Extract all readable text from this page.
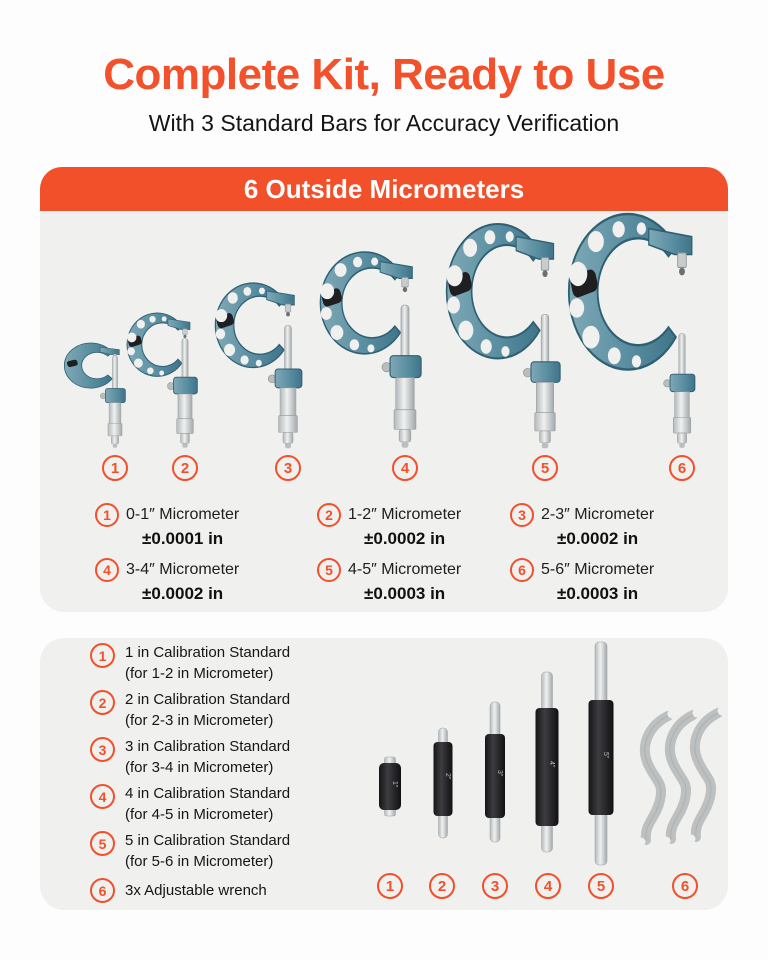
Complete Kit, Ready to Use
With 3 Standard Bars for Accuracy Verification
6 Outside Micrometers
1	2	3	4	5	6
1 0-1″ Micrometer
±0.0001 in
2 1-2″ Micrometer
±0.0002 in
3 2-3″ Micrometer
±0.0002 in
4 3-4″ Micrometer
±0.0002 in
5 4-5″ Micrometer
±0.0003 in
6 5-6″ Micrometer
±0.0003 in
1	1 in Calibration Standard
(for 1-2 in Micrometer)
2	2 in Calibration Standard
(for 2-3 in Micrometer)
3	3 in Calibration Standard
(for 3-4 in Micrometer)
4	4 in Calibration Standard
(for 4-5 in Micrometer)
5	5 in Calibration Standard
(for 5-6 in Micrometer)
6	3x Adjustable wrench
1″
2″	3″
4″
5″
1	2	3	4	5	6
